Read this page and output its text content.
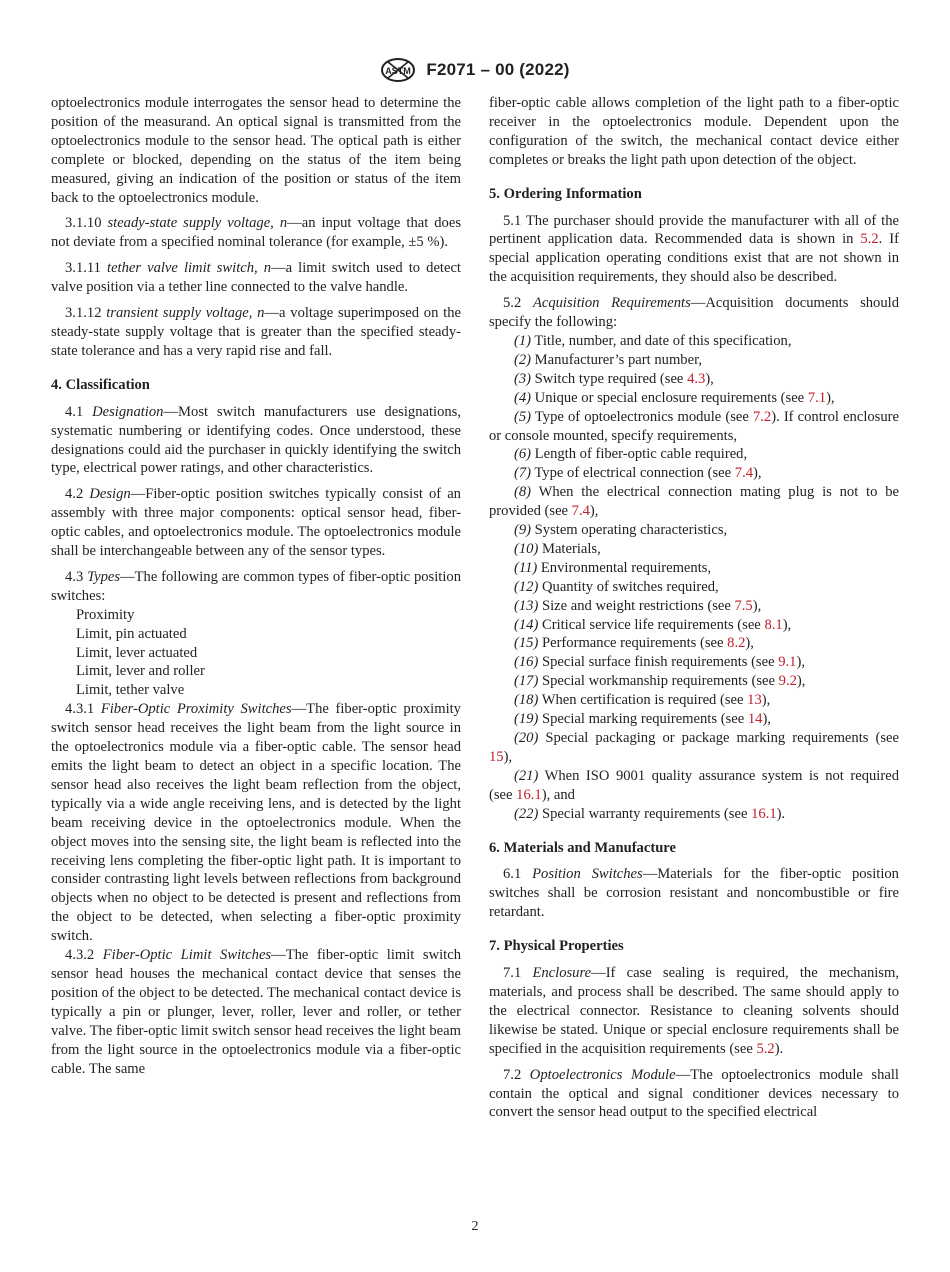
ASTM F2071 – 00 (2022)

optoelectronics module interrogates the sensor head to determine the position of the measurand. An optical signal is transmitted from the optoelectronics module to the sensor head. The optical path is either complete or blocked, depending on the status of the item being measured, giving an indication of the position or status of the item back to the optoelectronics module.

3.1.10 steady-state supply voltage, n—an input voltage that does not deviate from a specified nominal tolerance (for example, ±5 %).

3.1.11 tether valve limit switch, n—a limit switch used to detect valve position via a tether line connected to the valve handle.

3.1.12 transient supply voltage, n—a voltage superimposed on the steady-state supply voltage that is greater than the specified steady-state tolerance and has a very rapid rise and fall.

4. Classification

4.1 Designation—Most switch manufacturers use designations, systematic numbering or identifying codes. Once understood, these designations could aid the purchaser in quickly identifying the switch type, electrical power ratings, and other characteristics.

4.2 Design—Fiber-optic position switches typically consist of an assembly with three major components: optical sensor head, fiber-optic cables, and optoelectronics module. The optoelectronics module shall be interchangeable between any of the sensor types.

4.3 Types—The following are common types of fiber-optic position switches:

Proximity

Limit, pin actuated

Limit, lever actuated

Limit, lever and roller

Limit, tether valve

4.3.1 Fiber-Optic Proximity Switches—The fiber-optic proximity switch sensor head receives the light beam from the light source in the optoelectronics module via a fiber-optic cable. The sensor head emits the light beam to detect an object in a specific location. The sensor head also receives the light beam reflection from the object, typically via a wide angle receiving lens, and is detected by the light beam receiving device in the optoelectronics module. When the object moves into the sensing site, the light beam is reflected into the receiving lens completing the fiber-optic light path. It is important to consider contrasting light levels between reflections from background objects when no object to be detected is present and reflections from the object to be detected, when selecting a fiber-optic proximity switch.

4.3.2 Fiber-Optic Limit Switches—The fiber-optic limit switch sensor head houses the mechanical contact device that senses the position of the object to be detected. The mechanical contact device is typically a pin or plunger, lever, roller, lever and roller, or tether valve. The fiber-optic limit switch sensor head receives the light beam from the light source in the optoelectronics module via a fiber-optic cable. The same

fiber-optic cable allows completion of the light path to a fiber-optic receiver in the optoelectronics module. Dependent upon the configuration of the switch, the mechanical contact device either completes or breaks the light path upon detection of the object.

5. Ordering Information

5.1 The purchaser should provide the manufacturer with all of the pertinent application data. Recommended data is shown in 5.2. If special application operating conditions exist that are not shown in the acquisition requirements, they should also be described.

5.2 Acquisition Requirements—Acquisition documents should specify the following:

(1) Title, number, and date of this specification,

(2) Manufacturer’s part number,

(3) Switch type required (see 4.3),

(4) Unique or special enclosure requirements (see 7.1),

(5) Type of optoelectronics module (see 7.2). If control enclosure or console mounted, specify requirements,

(6) Length of fiber-optic cable required,

(7) Type of electrical connection (see 7.4),

(8) When the electrical connection mating plug is not to be provided (see 7.4),

(9) System operating characteristics,

(10) Materials,

(11) Environmental requirements,

(12) Quantity of switches required,

(13) Size and weight restrictions (see 7.5),

(14) Critical service life requirements (see 8.1),

(15) Performance requirements (see 8.2),

(16) Special surface finish requirements (see 9.1),

(17) Special workmanship requirements (see 9.2),

(18) When certification is required (see 13),

(19) Special marking requirements (see 14),

(20) Special packaging or package marking requirements (see 15),

(21) When ISO 9001 quality assurance system is not required (see 16.1), and

(22) Special warranty requirements (see 16.1).

6. Materials and Manufacture

6.1 Position Switches—Materials for the fiber-optic position switches shall be corrosion resistant and noncombustible or fire retardant.

7. Physical Properties

7.1 Enclosure—If case sealing is required, the mechanism, materials, and process shall be described. The same should apply to the electrical connector. Resistance to cleaning solvents should likewise be stated. Unique or special enclosure requirements shall be specified in the acquisition requirements (see 5.2).

7.2 Optoelectronics Module—The optoelectronics module shall contain the optical and signal conditioner devices necessary to convert the sensor head output to the specified electrical

2
